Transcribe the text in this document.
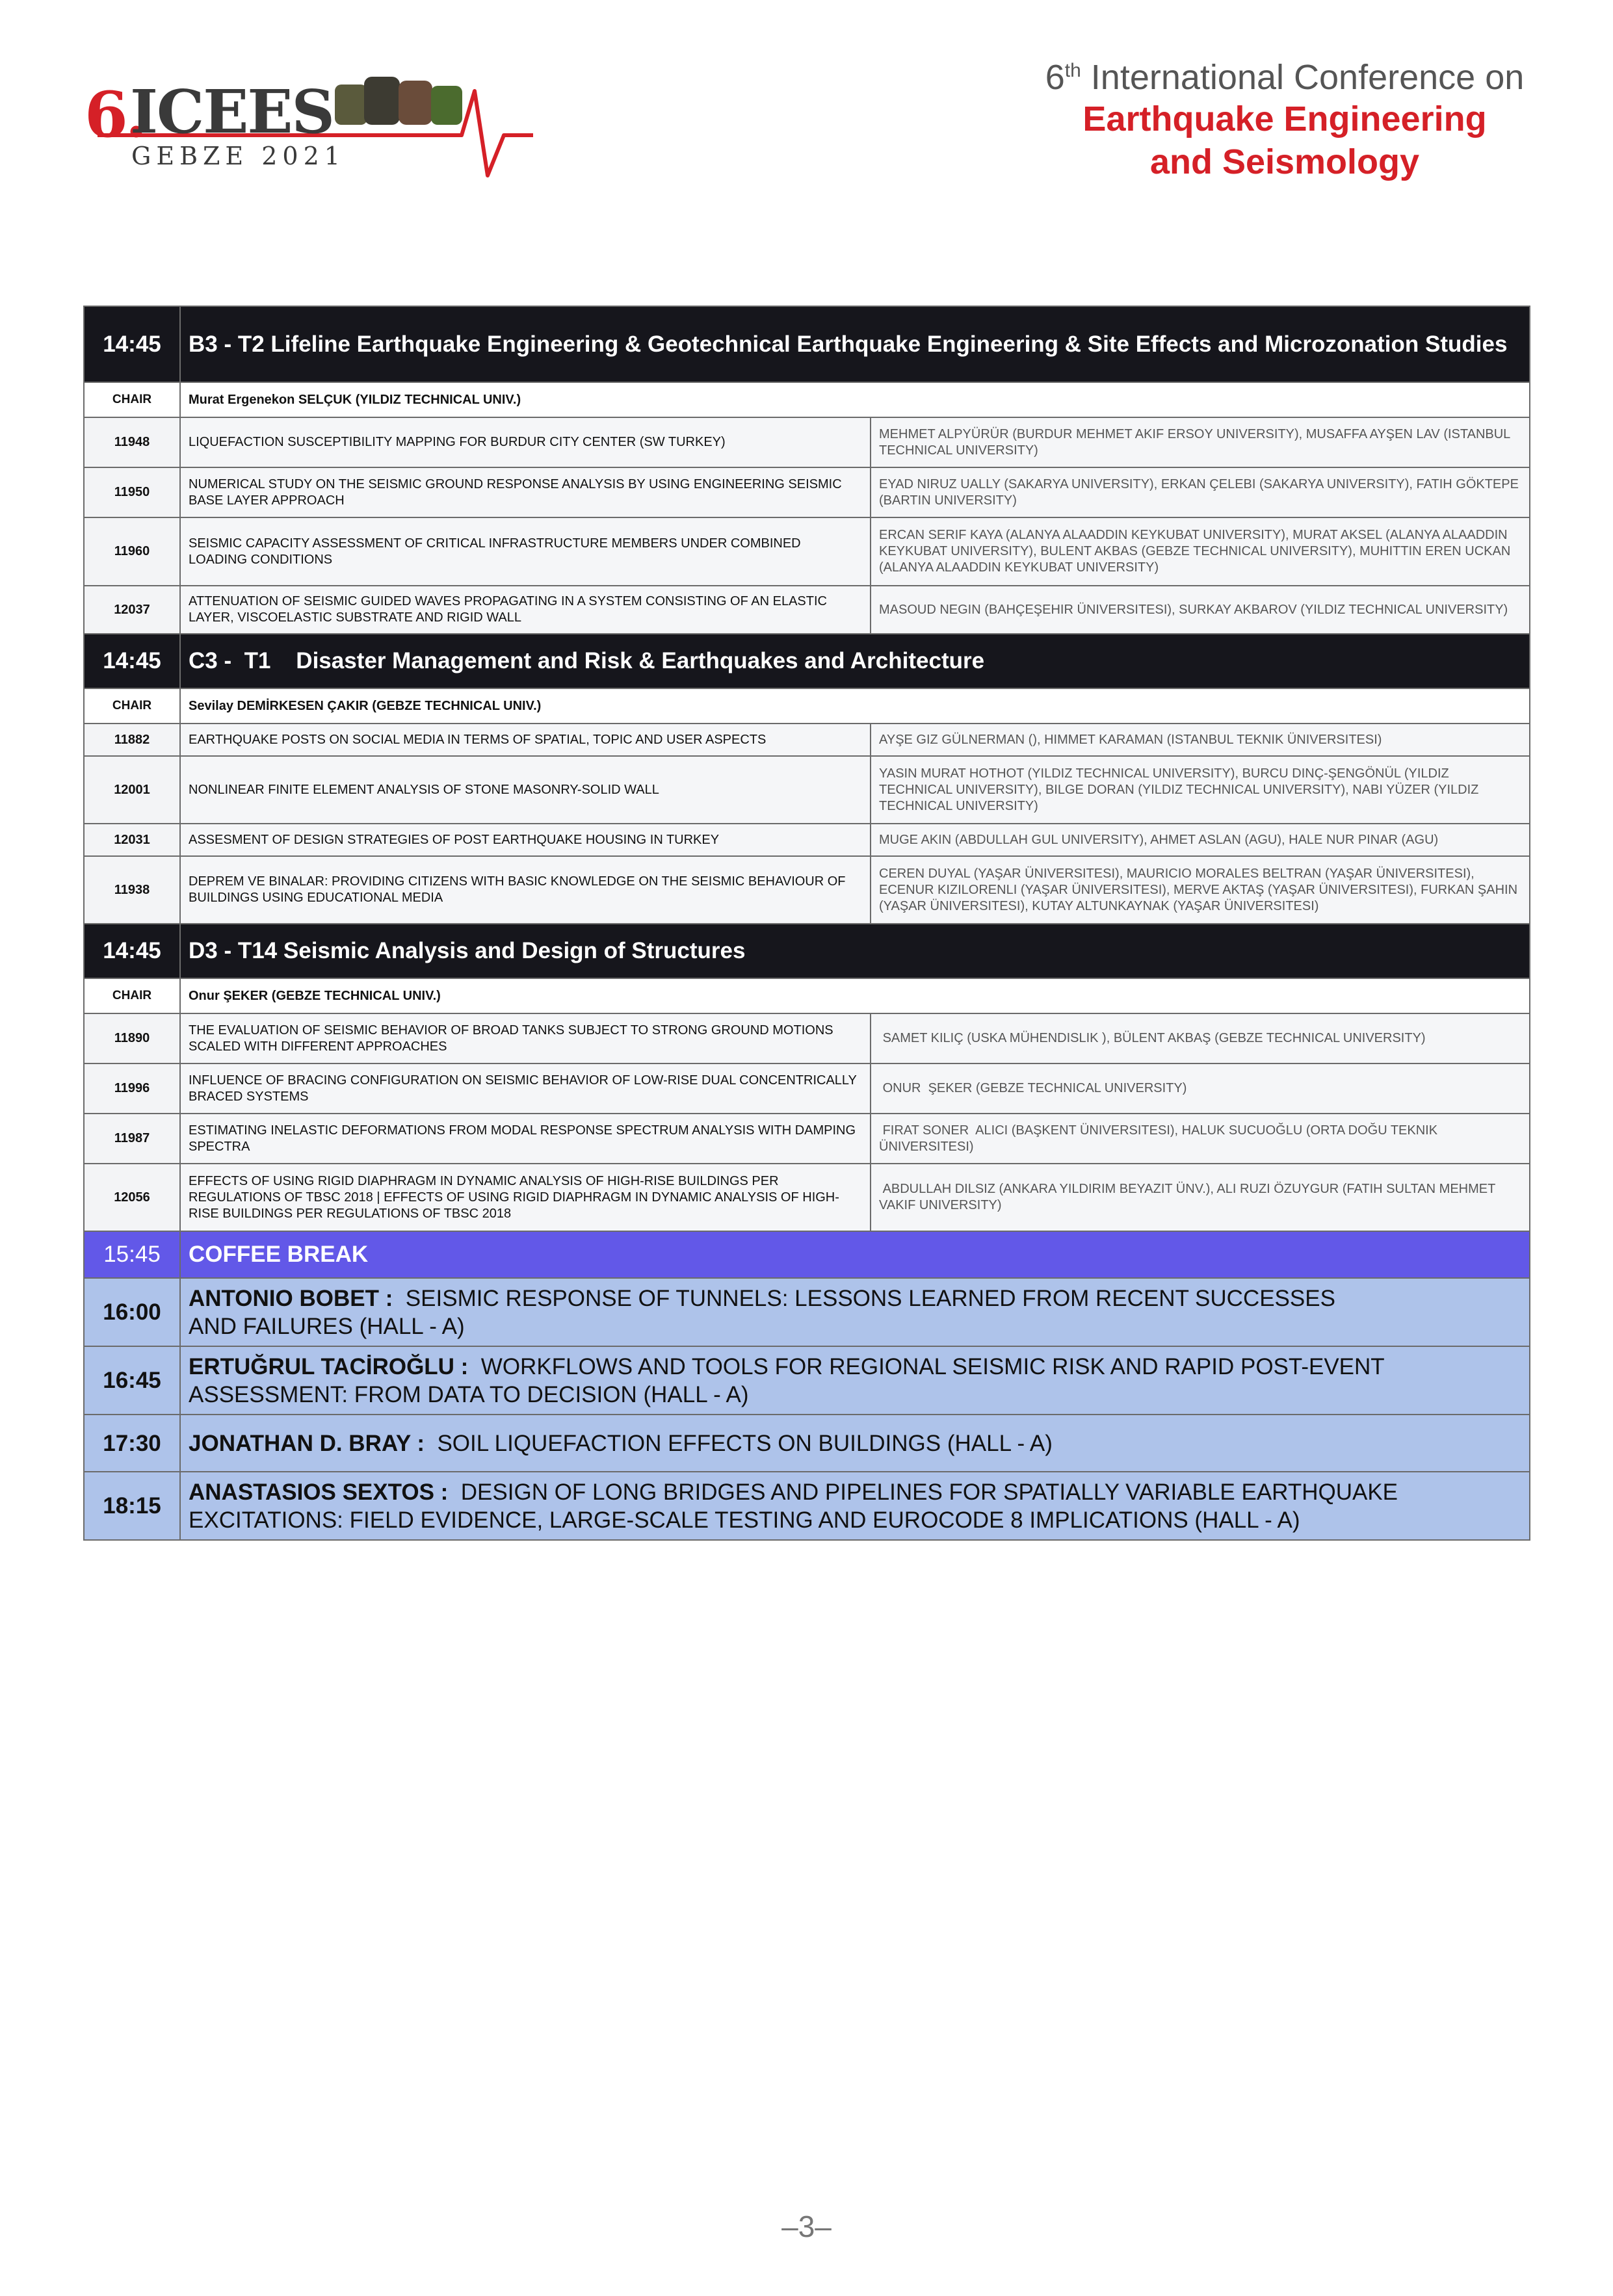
6.
ICEES
GEBZE 2021
6th International Conference on
Earthquake Engineering
and Seismology
14:45	B3 - T2 Lifeline Earthquake Engineering & Geotechnical Earthquake Engineering & Site Effects and Microzonation Studies	
CHAIR	Murat Ergenekon SELÇUK (YILDIZ TECHNICAL UNIV.)	
11948	LIQUEFACTION SUSCEPTIBILITY MAPPING FOR BURDUR CITY CENTER (SW TURKEY)	MEHMET ALPYÜRÜR (BURDUR MEHMET AKIF ERSOY UNIVERSITY), MUSAFFA AYŞEN LAV (ISTANBUL TECHNICAL UNIVERSITY)
11950	NUMERICAL STUDY ON THE SEISMIC GROUND RESPONSE ANALYSIS BY USING ENGINEERING SEISMIC BASE LAYER APPROACH	EYAD NIRUZ UALLY (SAKARYA UNIVERSITY), ERKAN ÇELEBI (SAKARYA UNIVERSITY), FATIH GÖKTEPE (BARTIN UNIVERSITY)
11960	SEISMIC CAPACITY ASSESSMENT OF CRITICAL INFRASTRUCTURE MEMBERS UNDER COMBINED LOADING CONDITIONS	ERCAN SERIF KAYA (ALANYA ALAADDIN KEYKUBAT UNIVERSITY), MURAT AKSEL (ALANYA ALAADDIN KEYKUBAT UNIVERSITY), BULENT AKBAS (GEBZE TECHNICAL UNIVERSITY), MUHITTIN EREN UCKAN (ALANYA ALAADDIN KEYKUBAT UNIVERSITY)
12037	ATTENUATION OF SEISMIC GUIDED WAVES PROPAGATING IN A SYSTEM CONSISTING OF AN ELASTIC LAYER, VISCOELASTIC SUBSTRATE AND RIGID WALL	MASOUD NEGIN (BAHÇEŞEHIR ÜNIVERSITESI), SURKAY AKBAROV (YILDIZ TECHNICAL UNIVERSITY)
14:45	C3 -  T1    Disaster Management and Risk & Earthquakes and Architecture	
CHAIR	Sevilay DEMİRKESEN ÇAKIR (GEBZE TECHNICAL UNIV.)	
11882	EARTHQUAKE POSTS ON SOCIAL MEDIA IN TERMS OF SPATIAL, TOPIC AND USER ASPECTS	AYŞE GIZ GÜLNERMAN (), HIMMET KARAMAN (ISTANBUL TEKNIK ÜNIVERSITESI)
12001	NONLINEAR FINITE ELEMENT ANALYSIS OF STONE MASONRY-SOLID WALL	YASIN MURAT HOTHOT (YILDIZ TECHNICAL UNIVERSITY), BURCU DINÇ-ŞENGÖNÜL (YILDIZ TECHNICAL UNIVERSITY), BILGE DORAN (YILDIZ TECHNICAL UNIVERSITY), NABI YÜZER (YILDIZ TECHNICAL UNIVERSITY)
12031	ASSESMENT OF DESIGN STRATEGIES OF POST EARTHQUAKE HOUSING IN TURKEY	MUGE AKIN (ABDULLAH GUL UNIVERSITY), AHMET ASLAN (AGU), HALE NUR PINAR (AGU)
11938	DEPREM VE BINALAR: PROVIDING CITIZENS WITH BASIC KNOWLEDGE ON THE SEISMIC BEHAVIOUR OF BUILDINGS USING EDUCATIONAL MEDIA	CEREN DUYAL (YAŞAR ÜNIVERSITESI), MAURICIO MORALES BELTRAN (YAŞAR ÜNIVERSITESI), ECENUR KIZILORENLI (YAŞAR ÜNIVERSITESI), MERVE AKTAŞ (YAŞAR ÜNIVERSITESI), FURKAN ŞAHIN (YAŞAR ÜNIVERSITESI), KUTAY ALTUNKAYNAK (YAŞAR ÜNIVERSITESI)
14:45	D3 - T14 Seismic Analysis and Design of Structures	
CHAIR	Onur ŞEKER (GEBZE TECHNICAL UNIV.)	
11890	THE EVALUATION OF SEISMIC BEHAVIOR OF BROAD TANKS SUBJECT TO STRONG GROUND MOTIONS SCALED WITH DIFFERENT APPROACHES	SAMET KILIÇ (USKA MÜHENDISLIK ), BÜLENT AKBAŞ (GEBZE TECHNICAL UNIVERSITY)
11996	INFLUENCE OF BRACING CONFIGURATION ON SEISMIC BEHAVIOR OF LOW-RISE DUAL CONCENTRICALLY BRACED SYSTEMS	ONUR  ŞEKER (GEBZE TECHNICAL UNIVERSITY)
11987	ESTIMATING INELASTIC DEFORMATIONS FROM MODAL RESPONSE SPECTRUM ANALYSIS WITH DAMPING SPECTRA	FIRAT SONER  ALICI (BAŞKENT ÜNIVERSITESI), HALUK SUCUOĞLU (ORTA DOĞU TEKNIK ÜNIVERSITESI)
12056	EFFECTS OF USING RIGID DIAPHRAGM IN DYNAMIC ANALYSIS OF HIGH-RISE BUILDINGS PER REGULATIONS OF TBSC 2018 | EFFECTS OF USING RIGID DIAPHRAGM IN DYNAMIC ANALYSIS OF HIGH-RISE BUILDINGS PER REGULATIONS OF TBSC 2018	ABDULLAH DILSIZ (ANKARA YILDIRIM BEYAZIT ÜNV.), ALI RUZI ÖZUYGUR (FATIH SULTAN MEHMET VAKIF UNIVERSITY)
15:45	COFFEE BREAK	
16:00	ANTONIO BOBET :  SEISMIC RESPONSE OF TUNNELS: LESSONS LEARNED FROM RECENT SUCCESSES
AND FAILURES (HALL - A)	
16:45	ERTUĞRUL TACİROĞLU :  WORKFLOWS AND TOOLS FOR REGIONAL SEISMIC RISK AND RAPID POST-EVENT
ASSESSMENT: FROM DATA TO DECISION (HALL - A)	
17:30	JONATHAN D. BRAY :  SOIL LIQUEFACTION EFFECTS ON BUILDINGS (HALL - A)	
18:15	ANASTASIOS SEXTOS :  DESIGN OF LONG BRIDGES AND PIPELINES FOR SPATIALLY VARIABLE EARTHQUAKE
EXCITATIONS: FIELD EVIDENCE, LARGE-SCALE TESTING AND EUROCODE 8 IMPLICATIONS (HALL - A)	
–3–
